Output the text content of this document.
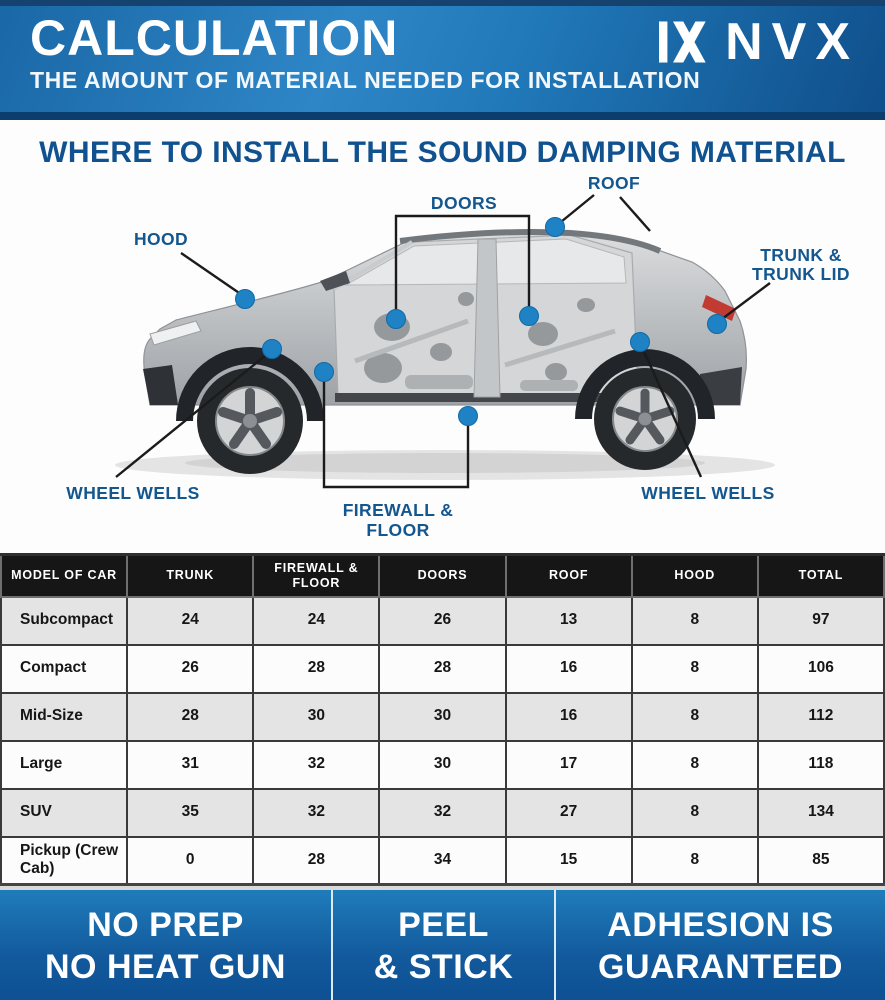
CALCULATION

THE AMOUNT OF MATERIAL NEEDED FOR INSTALLATION

NVX
WHERE TO INSTALL THE SOUND DAMPING MATERIAL
HOOD
DOORS
ROOF
TRUNK &
TRUNK LID
WHEEL WELLS	WHEEL WELLS
FIREWALL &
FLOOR
MODEL OF CAR	TRUNK	FIREWALL & FLOOR	DOORS	ROOF	HOOD	TOTAL
Subcompact	24	24	26	13	8	97
Compact	26	28	28	16	8	106
Mid-Size	28	30	30	16	8	112
Large	31	32	30	17	8	118
SUV	35	32	32	27	8	134
Pickup (Crew Cab)	0	28	34	15	8	85
NO PREP
NO HEAT GUN
PEEL
& STICK
ADHESION IS
GUARANTEED
